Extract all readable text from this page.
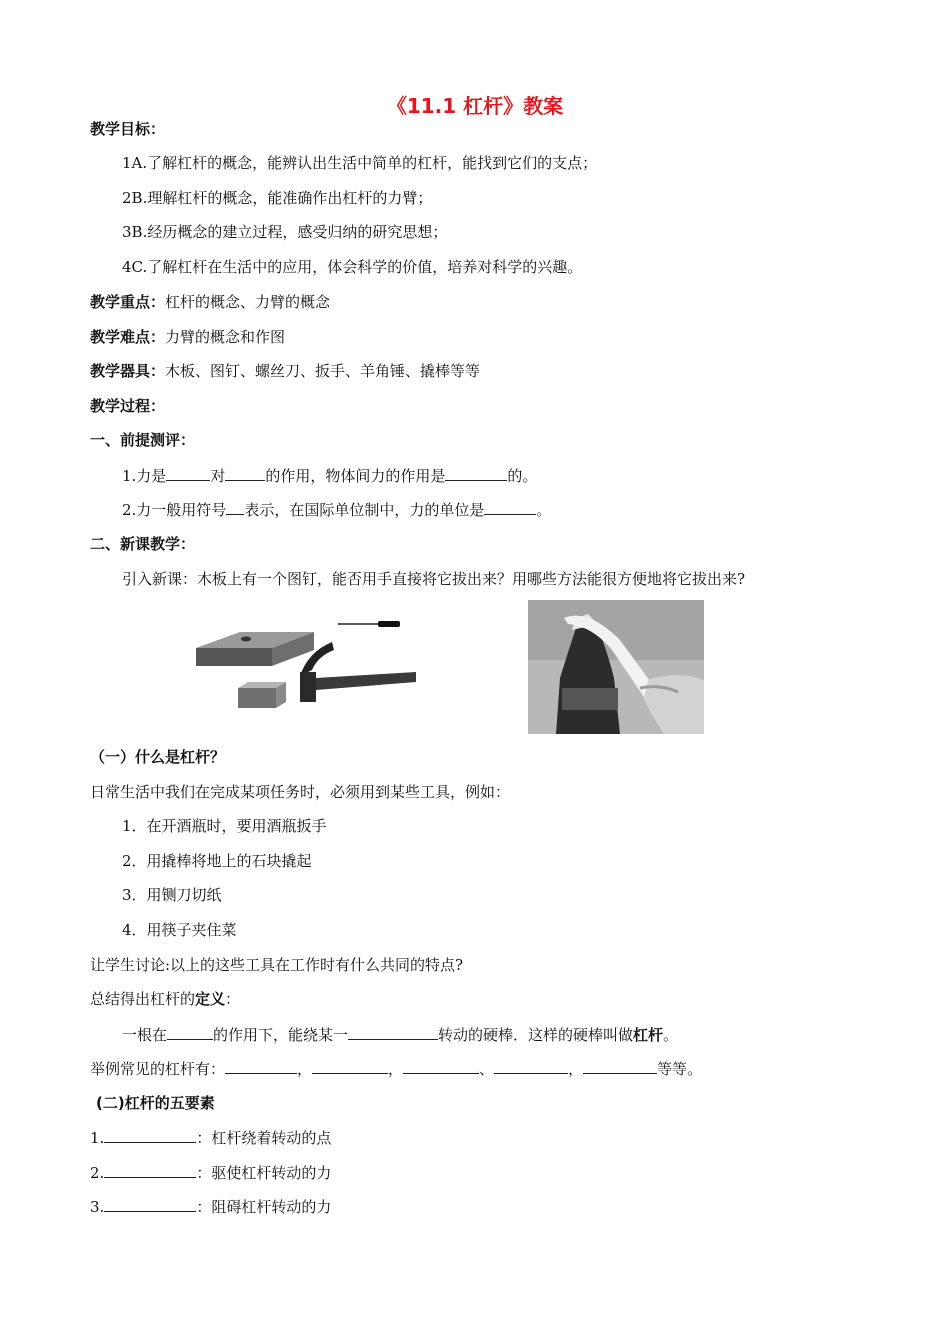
《11.1 杠杆》教案
教学目标：
1A.了解杠杆的概念，能辨认出生活中简单的杠杆，能找到它们的支点；
2B.理解杠杆的概念，能准确作出杠杆的力臂；
3B.经历概念的建立过程，感受归纳的研究思想；
4C.了解杠杆在生活中的应用，体会科学的价值，培养对科学的兴趣。
教学重点：杠杆的概念、力臂的概念
教学难点：力臂的概念和作图
教学器具：木板、图钉、螺丝刀、扳手、羊角锤、撬棒等等
教学过程：
一、前提测评：
1.力是	对	的作用，物体间力的作用是	的。
2.力一般用符号 表示，在国际单位制中，力的单位是	。
二、新课教学：
引入新课：木板上有一个图钉，能否用手直接将它拔出来？用哪些方法能很方便地将它拔出来?
（一）什么是杠杆？
日常生活中我们在完成某项任务时，必须用到某些工具，例如：
1．在开酒瓶时，要用酒瓶扳手
2．用撬棒将地上的石块撬起
3．用铡刀切纸
4．用筷子夹住菜
让学生讨论:以上的这些工具在工作时有什么共同的特点?
总结得出杠杆的定义：
一根在	的作用下，能绕某一	转动的硬棒．这样的硬棒叫做杠杆。
举例常见的杠杆有：	，	，	、	，	等等。
(二)杠杆的五要素
1.	：杠杆绕着转动的点
2.	：驱使杠杆转动的力
3.	：阻碍杠杆转动的力
